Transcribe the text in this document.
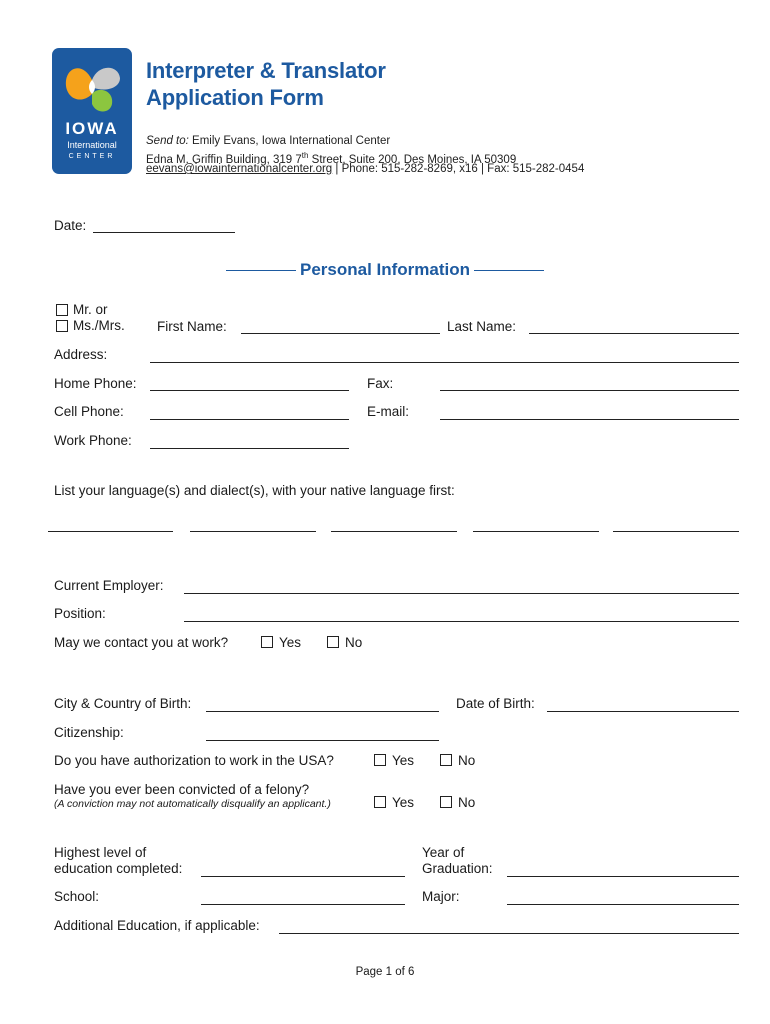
IOWA
International
CENTER
Interpreter & Translator
Application Form
Send to: Emily Evans, Iowa International Center
Edna M. Griffin Building, 319 7th Street, Suite 200, Des Moines, IA 50309
eevans@iowainternationalcenter.org | Phone: 515-282-8269, x16 | Fax: 515-282-0454
Date:
Personal Information
Mr. or
Ms./Mrs. First Name:	Last Name:
Address:
Home Phone:	Fax:
Cell Phone:	E-mail:
Work Phone:
List your language(s) and dialect(s), with your native language first:
Current Employer:
Position:
May we contact you at work?	Yes	No
City & Country of Birth:	Date of Birth:
Citizenship:
Do you have authorization to work in the USA?	Yes	No
Have you ever been convicted of a felony?
(A conviction may not automatically disqualify an applicant.)	Yes	No
Highest level of
education completed:
Year of
Graduation:
School:	Major:
Additional Education, if applicable:
Page 1 of 6
